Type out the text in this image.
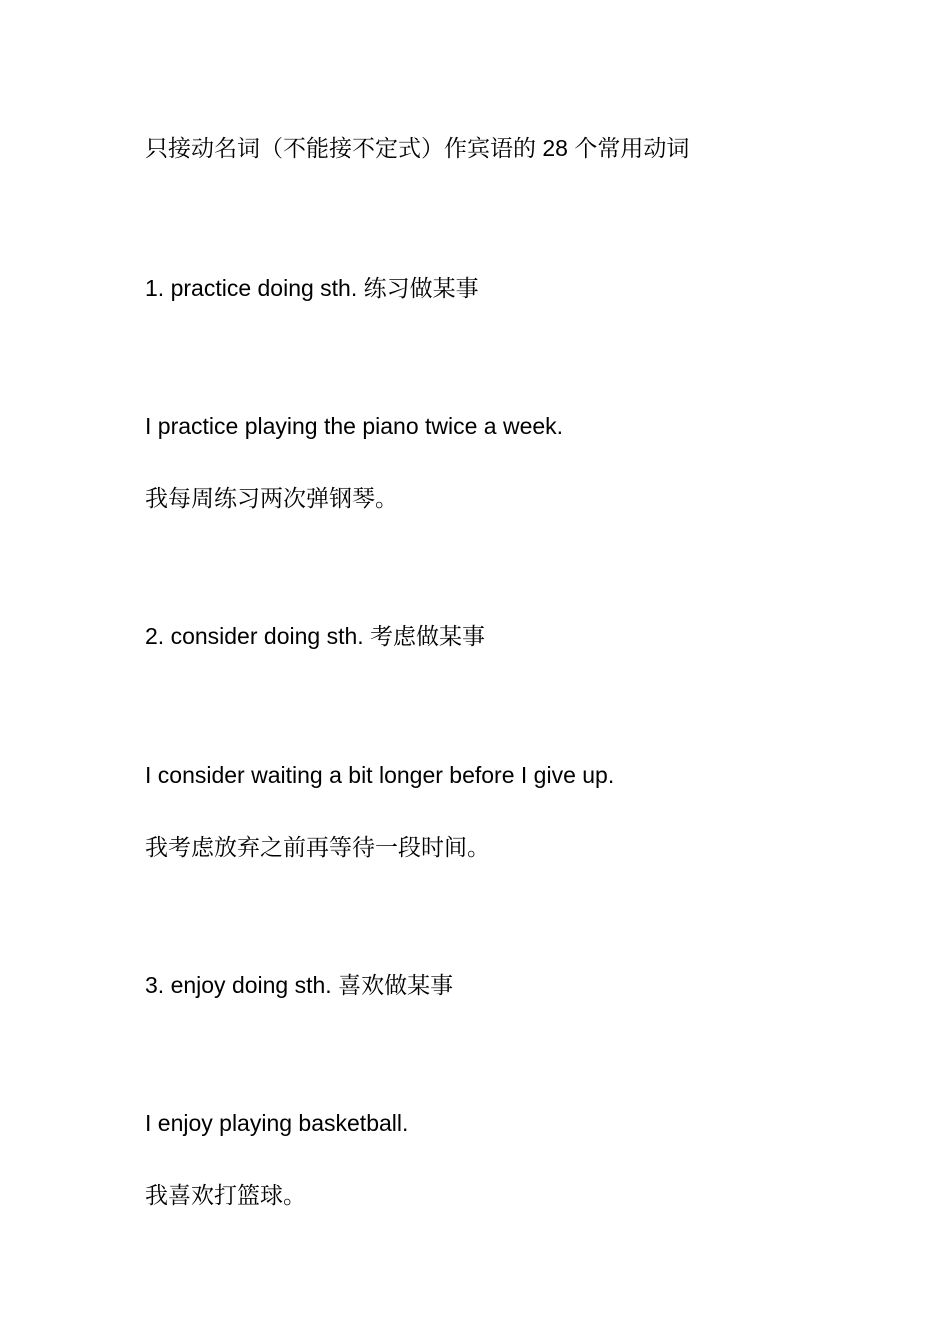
只接动名词（不能接不定式）作宾语的 28 个常用动词

1. practice doing sth. 练习做某事

I practice playing the piano twice a week.

我每周练习两次弹钢琴。

2. consider doing sth. 考虑做某事

I consider waiting a bit longer before I give up.

我考虑放弃之前再等待一段时间。

3. enjoy doing sth. 喜欢做某事

I enjoy playing basketball.

我喜欢打篮球。
